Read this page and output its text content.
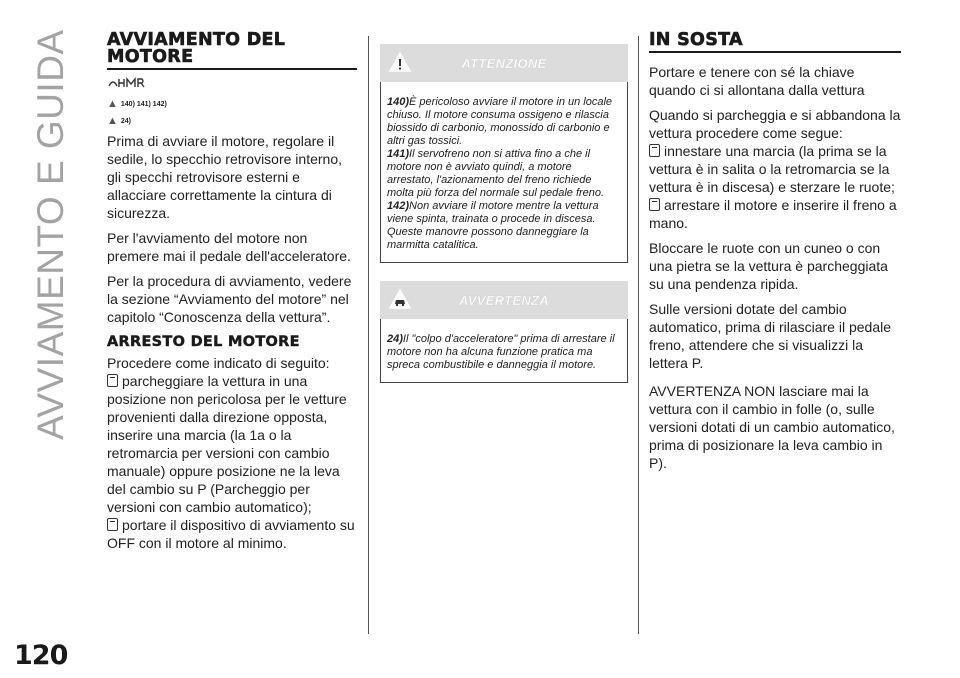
AVVIAMENTO E GUIDA
120
AVVIAMENTO DEL MOTORE
▲ 140) 141) 142)
▲ 24)

Prima di avviare il motore, regolare il sedile, lo specchio retrovisore interno, gli specchi retrovisore esterni e allacciare correttamente la cintura di sicurezza.

Per l'avviamento del motore non premere mai il pedale dell'acceleratore.

Per la procedura di avviamento, vedere la sezione “Avviamento del motore” nel capitolo “Conoscenza della vettura”.

ARRESTO DEL MOTORE

Procedere come indicato di seguito:

parcheggiare la vettura in una posizione non pericolosa per le vetture provenienti dalla direzione opposta, inserire una marcia (la 1a o la retromarcia per versioni con cambio manuale) oppure posizione ne la leva del cambio su P (Parcheggio per versioni con cambio automatico);

portare il dispositivo di avviamento su OFF con il motore al minimo.

ATTENZIONE

140)È pericoloso avviare il motore in un locale chiuso. Il motore consuma ossigeno e rilascia biossido di carbonio, monossido di carbonio e altri gas tossici.

141)Il servofreno non si attiva fino a che il motore non è avviato quindi, a motore arrestato, l'azionamento del freno richiede molta più forza del normale sul pedale freno.

142)Non avviare il motore mentre la vettura viene spinta, trainata o procede in discesa. Queste manovre possono danneggiare la marmitta catalitica.

AVVERTENZA

24)Il "colpo d'acceleratore" prima di arrestare il motore non ha alcuna funzione pratica ma spreca combustibile e danneggia il motore.

IN SOSTA

Portare e tenere con sé la chiave quando ci si allontana dalla vettura

Quando si parcheggia e si abbandona la vettura procedere come segue:

innestare una marcia (la prima se la vettura è in salita o la retromarcia se la vettura è in discesa) e sterzare le ruote;

arrestare il motore e inserire il freno a mano.

Bloccare le ruote con un cuneo o con una pietra se la vettura è parcheggiata su una pendenza ripida.

Sulle versioni dotate del cambio automatico, prima di rilasciare il pedale freno, attendere che si visualizzi la lettera P.

AVVERTENZA NON lasciare mai la vettura con il cambio in folle (o, sulle versioni dotati di un cambio automatico, prima di posizionare la leva cambio in P).
